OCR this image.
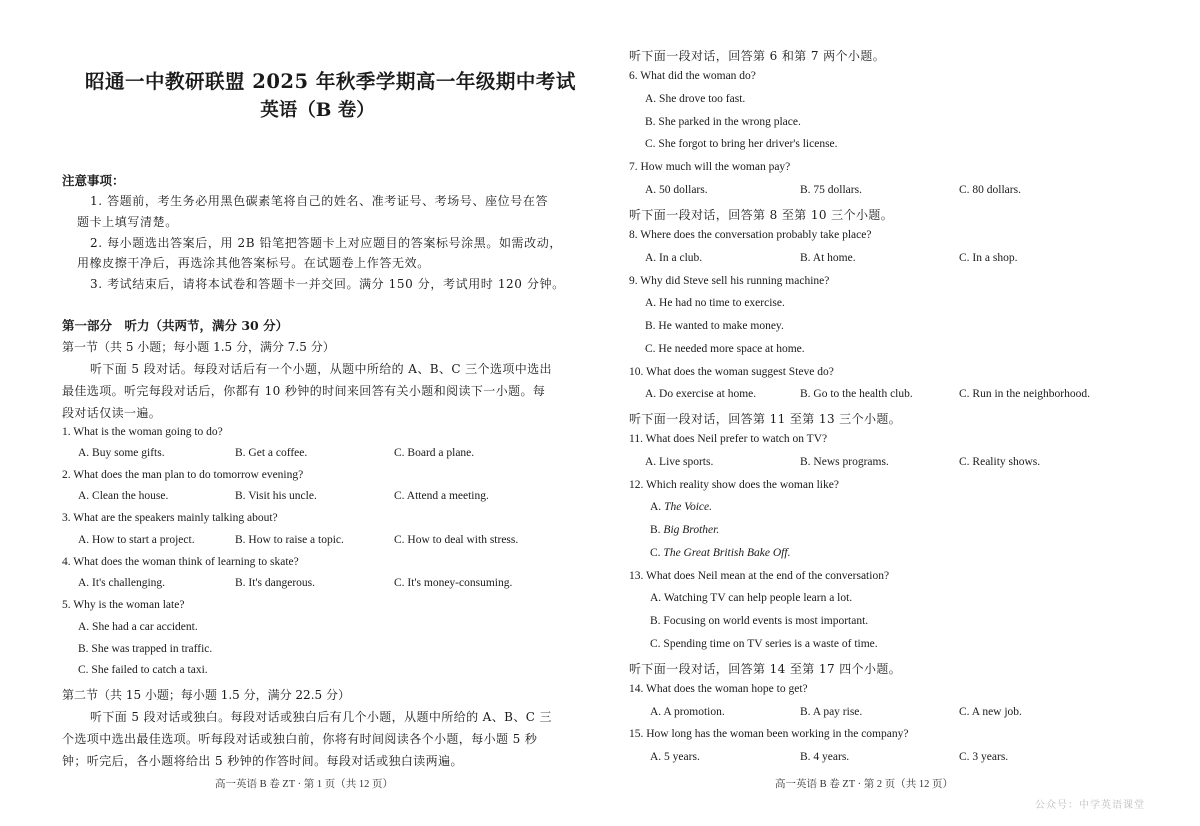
昭通一中教研联盟 2025 年秋季学期高一年级期中考试
英语（B 卷）
注意事项：
1. 答题前，考生务必用黑色碳素笔将自己的姓名、准考证号、考场号、座位号在答
题卡上填写清楚。
2. 每小题选出答案后，用 2B 铅笔把答题卡上对应题目的答案标号涂黑。如需改动，
用橡皮擦干净后，再选涂其他答案标号。在试题卷上作答无效。
3. 考试结束后，请将本试卷和答题卡一并交回。满分 150 分，考试用时 120 分钟。
第一部分　听力（共两节，满分 30 分）
第一节（共 5 小题；每小题 1.5 分，满分 7.5 分）
听下面 5 段对话。每段对话后有一个小题，从题中所给的 A、B、C 三个选项中选出
最佳选项。听完每段对话后，你都有 10 秒钟的时间来回答有关小题和阅读下一小题。每
段对话仅读一遍。
1. What is the woman going to do?
A. Buy some gifts.	B. Get a coffee.	C. Board a plane.
2. What does the man plan to do tomorrow evening?
A. Clean the house.	B. Visit his uncle.	C. Attend a meeting.
3. What are the speakers mainly talking about?
A. How to start a project.	B. How to raise a topic.	C. How to deal with stress.
4. What does the woman think of learning to skate?
A. It's challenging.	B. It's dangerous.	C. It's money-consuming.
5. Why is the woman late?
A. She had a car accident.
B. She was trapped in traffic.
C. She failed to catch a taxi.
第二节（共 15 小题；每小题 1.5 分，满分 22.5 分）
听下面 5 段对话或独白。每段对话或独白后有几个小题，从题中所给的 A、B、C 三
个选项中选出最佳选项。听每段对话或独白前，你将有时间阅读各个小题，每小题 5 秒
钟；听完后，各小题将给出 5 秒钟的作答时间。每段对话或独白读两遍。
高一英语 B 卷 ZT · 第 1 页（共 12 页）
听下面一段对话，回答第 6 和第 7 两个小题。
6. What did the woman do?
A. She drove too fast.
B. She parked in the wrong place.
C. She forgot to bring her driver's license.
7. How much will the woman pay?
A. 50 dollars.	B. 75 dollars.	C. 80 dollars.
听下面一段对话，回答第 8 至第 10 三个小题。
8. Where does the conversation probably take place?
A. In a club.	B. At home.	C. In a shop.
9. Why did Steve sell his running machine?
A. He had no time to exercise.
B. He wanted to make money.
C. He needed more space at home.
10. What does the woman suggest Steve do?
A. Do exercise at home.	B. Go to the health club.	C. Run in the neighborhood.
听下面一段对话，回答第 11 至第 13 三个小题。
11. What does Neil prefer to watch on TV?
A. Live sports.	B. News programs.	C. Reality shows.
12. Which reality show does the woman like?
A. The Voice.
B. Big Brother.
C. The Great British Bake Off.
13. What does Neil mean at the end of the conversation?
A. Watching TV can help people learn a lot.
B. Focusing on world events is most important.
C. Spending time on TV series is a waste of time.
听下面一段对话，回答第 14 至第 17 四个小题。
14. What does the woman hope to get?
A. A promotion.	B. A pay rise.	C. A new job.
15. How long has the woman been working in the company?
A. 5 years.	B. 4 years.	C. 3 years.
高一英语 B 卷 ZT · 第 2 页（共 12 页）
公众号：中学英语课堂
